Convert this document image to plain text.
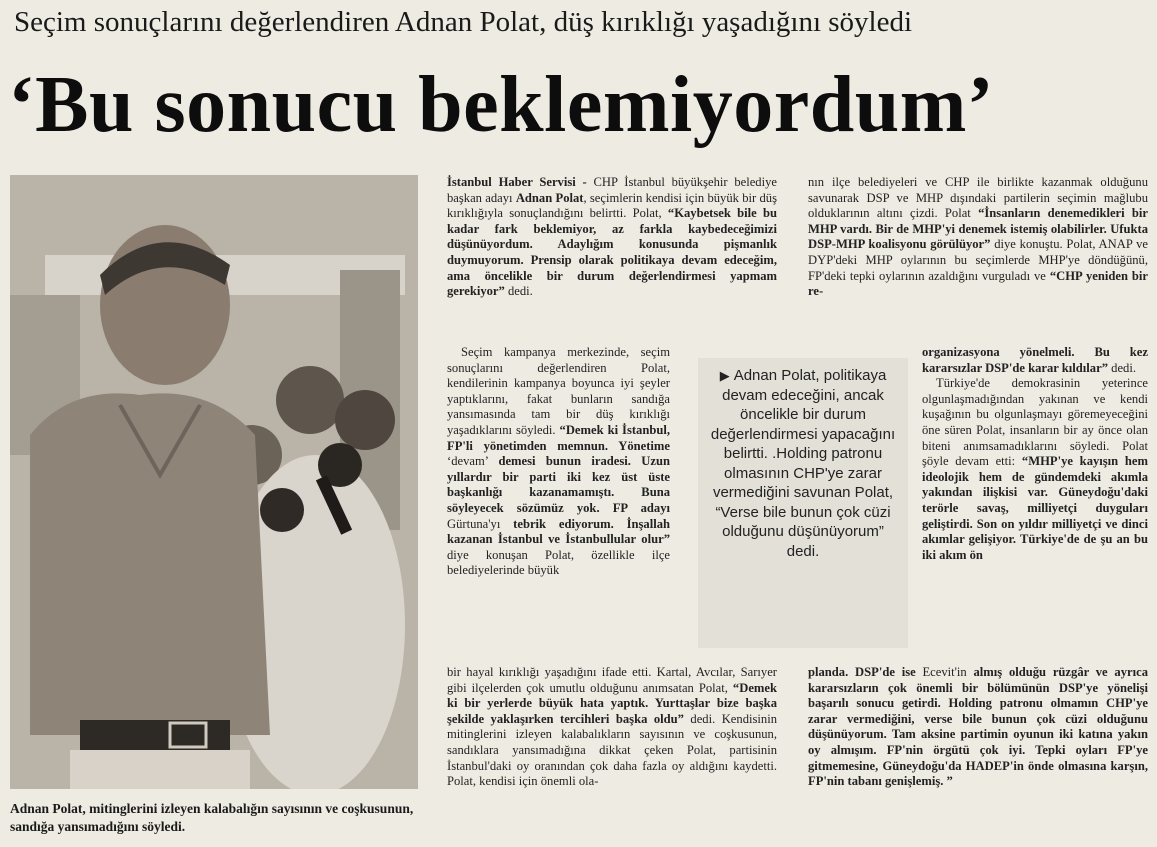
Seçim sonuçlarını değerlendiren Adnan Polat, düş kırıklığı yaşadığını söyledi
‘Bu sonucu beklemiyordum’
Adnan Polat, mitinglerini izleyen kalabalığın sayısının ve coşkusunun, sandığa yansımadığını söyledi.

İstanbul Haber Servisi - CHP İstanbul büyükşehir belediye başkan adayı Adnan Polat, seçimlerin kendisi için büyük bir düş kırıklığıyla sonuçlandığını belirtti. Polat, “Kaybetsek bile bu kadar fark beklemiyor, az farkla kaybedeceğimizi düşünüyordum. Adaylığım konusunda pişmanlık duymuyorum. Prensip olarak politikaya devam edeceğim, ama öncelikle bir durum değerlendirmesi yapmam gerekiyor” dedi.

Seçim kampanya merkezinde, seçim sonuçlarını değerlendiren Polat, kendilerinin kampanya boyunca iyi şeyler yaptıklarını, fakat bunların sandığa yansımasında tam bir düş kırıklığı yaşadıklarını söyledi. “Demek ki İstanbul, FP'li yönetimden memnun. Yönetime ‘devam’ demesi bunun iradesi. Uzun yıllardır bir parti iki kez üst üste başkanlığı kazanamamıştı. Buna söyleyecek sözümüz yok. FP adayı Gürtuna'yı tebrik ediyorum. İnşallah kazanan İstanbul ve İstanbullular olur” diye konuşan Polat, özellikle ilçe belediyelerinde büyük

bir hayal kırıklığı yaşadığını ifade etti. Kartal, Avcılar, Sarıyer gibi ilçelerden çok umutlu olduğunu anımsatan Polat, “Demek ki bir yerlerde büyük hata yaptık. Yurttaşlar bize başka şekilde yaklaşırken tercihleri başka oldu” dedi. Kendisinin mitinglerini izleyen kalabalıkların sayısının ve coşkusunun, sandıklara yansımadığına dikkat çeken Polat, partisinin İstanbul'daki oy oranından çok daha fazla oy aldığını kaydetti. Polat, kendisi için önemli ola-

▶ Adnan Polat, politikaya devam edeceğini, ancak öncelikle bir durum değerlendirmesi yapacağını belirtti. .Holding patronu olmasının CHP'ye zarar vermediğini savunan Polat, “Verse bile bunun çok cüzi olduğunu düşünüyorum” dedi.

nın ilçe belediyeleri ve CHP ile birlikte kazanmak olduğunu savunarak DSP ve MHP dışındaki partilerin seçimin mağlubu olduklarının altını çizdi. Polat “İnsanların denemedikleri bir MHP vardı. Bir de MHP'yi denemek istemiş olabilirler. Ufukta DSP-MHP koalisyonu görülüyor” diye konuştu. Polat, ANAP ve DYP'deki MHP oylarının bu seçimlerde MHP'ye döndüğünü, FP'deki tepki oylarının azaldığını vurguladı ve “CHP yeniden bir re-

organizasyona yönelmeli. Bu kez kararsızlar DSP'de karar kıldılar” dedi.

Türkiye'de demokrasinin yeterince olgunlaşmadığından yakınan ve kendi kuşağının bu olgunlaşmayı göremeyeceğini öne süren Polat, insanların bir ay önce olan biteni anımsamadıklarını söyledi. Polat şöyle devam etti: “MHP'ye kayışın hem ideolojik hem de gündemdeki akımla yakından ilişkisi var. Güneydoğu'daki terörle savaş, milliyetçi duyguları geliştirdi. Son on yıldır milliyetçi ve dinci akımlar gelişiyor. Türkiye'de de şu an bu iki akım ön

planda. DSP'de ise Ecevit'in almış olduğu rüzgâr ve ayrıca kararsızların çok önemli bir bölümünün DSP'ye yönelişi başarılı sonucu getirdi. Holding patronu olmamın CHP'ye zarar vermediğini, verse bile bunun çok cüzi olduğunu düşünüyorum. Tam aksine partimin oyunun iki katına yakın oy almışım. FP'nin örgütü çok iyi. Tepki oyları FP'ye gitmemesine, Güneydoğu'da HADEP'in önde olmasına karşın, FP'nin tabanı genişlemiş. ”
